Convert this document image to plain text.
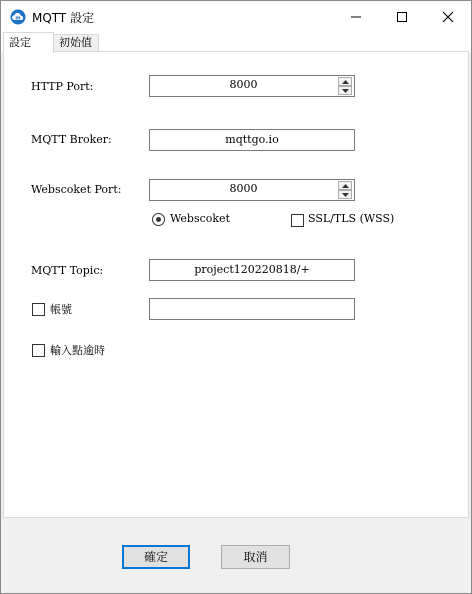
m MQTT 設定
設定	初始值
HTTP Port:	8000
MQTT Broker:	mqttgo.io
Webscoket Port:	8000
Webscoket	SSL/TLS (WSS)
MQTT Topic:	project120220818/+
帳號
輸入點逾時
確定	取消
